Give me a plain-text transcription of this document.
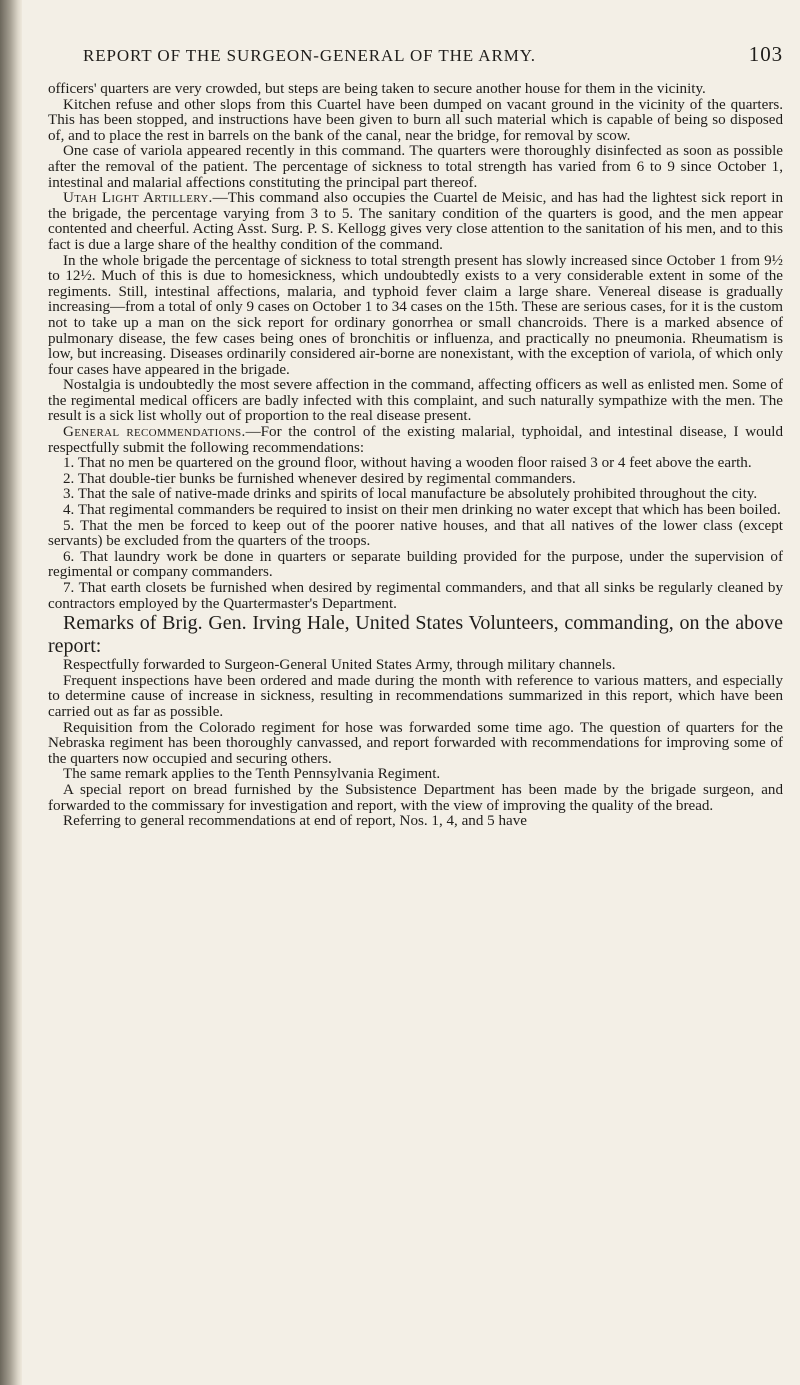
REPORT OF THE SURGEON-GENERAL OF THE ARMY.	103

officers' quarters are very crowded, but steps are being taken to secure another house for them in the vicinity.

Kitchen refuse and other slops from this Cuartel have been dumped on vacant ground in the vicinity of the quarters. This has been stopped, and instructions have been given to burn all such material which is capable of being so disposed of, and to place the rest in barrels on the bank of the canal, near the bridge, for removal by scow.

One case of variola appeared recently in this command. The quarters were thoroughly disinfected as soon as possible after the removal of the patient. The percentage of sickness to total strength has varied from 6 to 9 since October 1, intestinal and malarial affections constituting the principal part thereof.

Utah Light Artillery.—This command also occupies the Cuartel de Meisic, and has had the lightest sick report in the brigade, the percentage varying from 3 to 5. The sanitary condition of the quarters is good, and the men appear contented and cheerful. Acting Asst. Surg. P. S. Kellogg gives very close attention to the sanitation of his men, and to this fact is due a large share of the healthy condition of the command.

In the whole brigade the percentage of sickness to total strength present has slowly increased since October 1 from 9½ to 12½. Much of this is due to homesickness, which undoubtedly exists to a very considerable extent in some of the regiments. Still, intestinal affections, malaria, and typhoid fever claim a large share. Venereal disease is gradually increasing—from a total of only 9 cases on October 1 to 34 cases on the 15th. These are serious cases, for it is the custom not to take up a man on the sick report for ordinary gonorrhea or small chancroids. There is a marked absence of pulmonary disease, the few cases being ones of bronchitis or influenza, and practically no pneumonia. Rheumatism is low, but increasing. Diseases ordinarily considered air-borne are nonexistant, with the exception of variola, of which only four cases have appeared in the brigade.

Nostalgia is undoubtedly the most severe affection in the command, affecting officers as well as enlisted men. Some of the regimental medical officers are badly infected with this complaint, and such naturally sympathize with the men. The result is a sick list wholly out of proportion to the real disease present.

General recommendations.—For the control of the existing malarial, typhoidal, and intestinal disease, I would respectfully submit the following recommendations:

1. That no men be quartered on the ground floor, without having a wooden floor raised 3 or 4 feet above the earth.

2. That double-tier bunks be furnished whenever desired by regimental commanders.

3. That the sale of native-made drinks and spirits of local manufacture be absolutely prohibited throughout the city.

4. That regimental commanders be required to insist on their men drinking no water except that which has been boiled.

5. That the men be forced to keep out of the poorer native houses, and that all natives of the lower class (except servants) be excluded from the quarters of the troops.

6. That laundry work be done in quarters or separate building provided for the purpose, under the supervision of regimental or company commanders.

7. That earth closets be furnished when desired by regimental commanders, and that all sinks be regularly cleaned by contractors employed by the Quartermaster's Department.

Remarks of Brig. Gen. Irving Hale, United States Volunteers, commanding, on the above report:

Respectfully forwarded to Surgeon-General United States Army, through military channels.

Frequent inspections have been ordered and made during the month with reference to various matters, and especially to determine cause of increase in sickness, resulting in recommendations summarized in this report, which have been carried out as far as possible.

Requisition from the Colorado regiment for hose was forwarded some time ago. The question of quarters for the Nebraska regiment has been thoroughly canvassed, and report forwarded with recommendations for improving some of the quarters now occupied and securing others.

The same remark applies to the Tenth Pennsylvania Regiment.

A special report on bread furnished by the Subsistence Department has been made by the brigade surgeon, and forwarded to the commissary for investigation and report, with the view of improving the quality of the bread.

Referring to general recommendations at end of report, Nos. 1, 4, and 5 have
